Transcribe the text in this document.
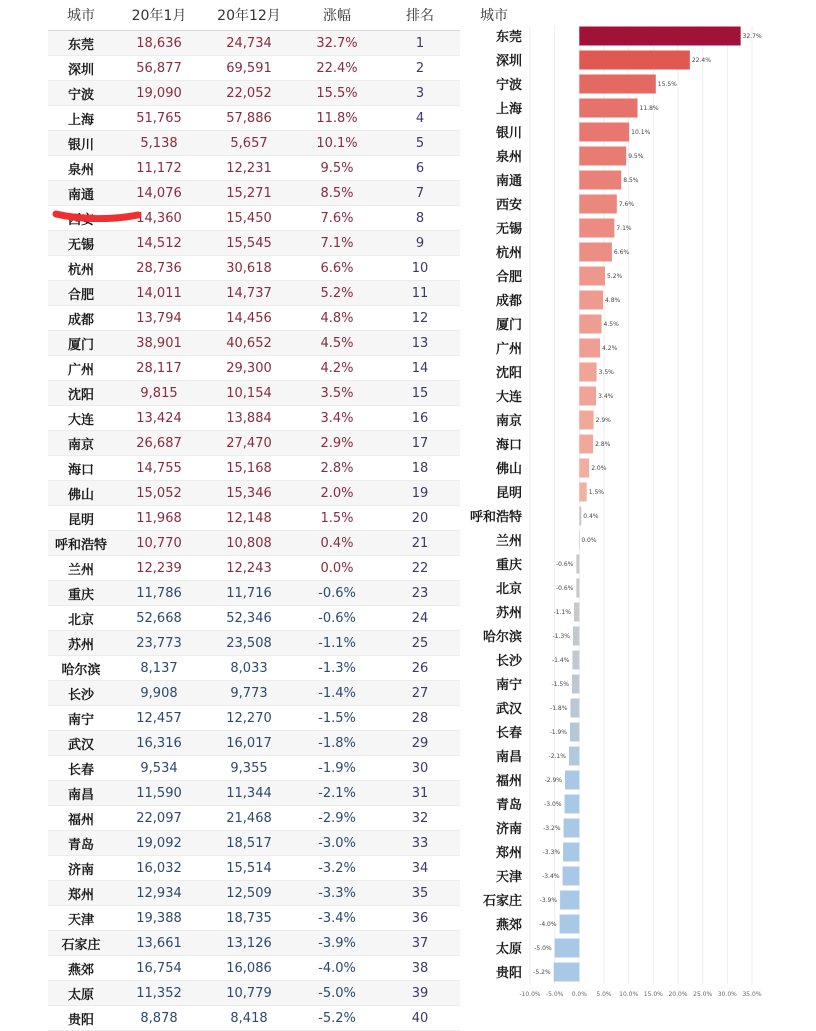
城市	20年1月	20年12月	涨幅	排名
东莞	18,636	24,734	32.7%	1
深圳	56,877	69,591	22.4%	2
宁波	19,090	22,052	15.5%	3
上海	51,765	57,886	11.8%	4
银川	5,138	5,657	10.1%	5
泉州	11,172	12,231	9.5%	6
南通	14,076	15,271	8.5%	7
西安	14,360	15,450	7.6%	8
无锡	14,512	15,545	7.1%	9
杭州	28,736	30,618	6.6%	10
合肥	14,011	14,737	5.2%	11
成都	13,794	14,456	4.8%	12
厦门	38,901	40,652	4.5%	13
广州	28,117	29,300	4.2%	14
沈阳	9,815	10,154	3.5%	15
大连	13,424	13,884	3.4%	16
南京	26,687	27,470	2.9%	17
海口	14,755	15,168	2.8%	18
佛山	15,052	15,346	2.0%	19
昆明	11,968	12,148	1.5%	20
呼和浩特	10,770	10,808	0.4%	21
兰州	12,239	12,243	0.0%	22
重庆	11,786	11,716	-0.6%	23
北京	52,668	52,346	-0.6%	24
苏州	23,773	23,508	-1.1%	25
哈尔滨	8,137	8,033	-1.3%	26
长沙	9,908	9,773	-1.4%	27
南宁	12,457	12,270	-1.5%	28
武汉	16,316	16,017	-1.8%	29
长春	9,534	9,355	-1.9%	30
南昌	11,590	11,344	-2.1%	31
福州	22,097	21,468	-2.9%	32
青岛	19,092	18,517	-3.0%	33
济南	16,032	15,514	-3.2%	34
郑州	12,934	12,509	-3.3%	35
天津	19,388	18,735	-3.4%	36
石家庄	13,661	13,126	-3.9%	37
燕郊	16,754	16,086	-4.0%	38
太原	11,352	10,779	-5.0%	39
贵阳	8,878	8,418	-5.2%	40
-10.0% -5.0% 0.0% 5.0% 10.0% 15.0% 20.0% 25.0% 30.0% 35.0%
城市
东莞	32.7%
深圳	22.4%
宁波	15.5%
上海	11.8%
银川	10.1%
泉州	9.5%
南通	8.5%
西安	7.6%
无锡	7.1%
杭州	6.6%
合肥	5.2%
成都	4.8%
厦门	4.5%
广州	4.2%
沈阳	3.5%
大连	3.4%
南京	2.9%
海口	2.8%
佛山	2.0%
昆明	1.5%
呼和浩特	0.4%
兰州	0.0%
重庆	-0.6%
北京	-0.6%
苏州	-1.1%
哈尔滨	-1.3%
长沙	-1.4%
南宁	-1.5%
武汉	-1.8%
长春	-1.9%
南昌	-2.1%
福州	-2.9%
青岛	-3.0%
济南	-3.2%
郑州	-3.3%
天津	-3.4%
石家庄	-3.9%
燕郊	-4.0%
太原 -5.0%
贵阳 -5.2%
